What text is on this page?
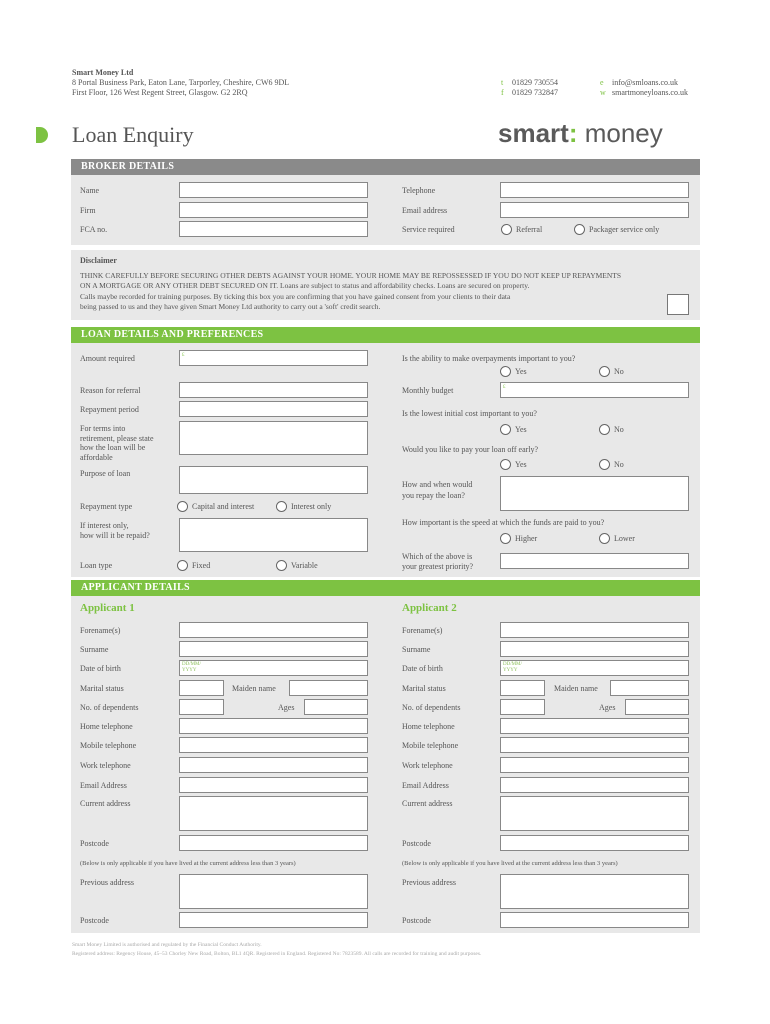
Smart Money Ltd
8 Portal Business Park, Eaton Lane, Tarporley, Cheshire, CW6 9DL
First Floor, 126 West Regent Street, Glasgow. G2 2RQ
t 01829 730554
f 01829 732847
e info@smloans.co.uk
w smartmoneyloans.co.uk
Loan Enquiry	smart: money
BROKER DETAILS
Name
Firm
FCA no.
Telephone
Email address
Service required	Referral	Packager service only
Disclaimer
THINK CAREFULLY BEFORE SECURING OTHER DEBTS AGAINST YOUR HOME. YOUR HOME MAY BE REPOSSESSED IF YOU DO NOT KEEP UP REPAYMENTS
ON A MORTGAGE OR ANY OTHER DEBT SECURED ON IT. Loans are subject to status and affordability checks. Loans are secured on property.
Calls maybe recorded for training purposes. By ticking this box you are confirming that you have gained consent from your clients to their data
being passed to us and they have given Smart Money Ltd authority to carry out a 'soft' credit search.
LOAN DETAILS AND PREFERENCES
Amount required	£
Reason for referral
Repayment period
For terms into
retirement, please state
how the loan will be
affordable
Purpose of loan
Repayment type	Capital and interest	Interest only
If interest only,
how will it be repaid?
Loan type	Fixed	Variable
Is the ability to make overpayments important to you?
Yes	No
Monthly budget	£
Is the lowest initial cost important to you?
Yes	No
Would you like to pay your loan off early?
Yes	No
How and when would
you repay the loan?
How important is the speed at which the funds are paid to you?
Higher	Lower
Which of the above is
your greatest priority?
APPLICANT DETAILS
Applicant 1	Applicant 2
Forename(s)
Surname
Date of birth	DD/MM/
YYYY
Marital status	Maiden name
No. of dependents	Ages
Home telephone
Mobile telephone
Work telephone
Email Address
Current address
Postcode
(Below is only applicable if you have lived at the current address less than 3 years)
Previous address
Postcode
Forename(s)
Surname
Date of birth	DD/MM/
YYYY
Marital status	Maiden name
No. of dependents	Ages
Home telephone
Mobile telephone
Work telephone
Email Address
Current address
Postcode
(Below is only applicable if you have lived at the current address less than 3 years)
Previous address
Postcode
Smart Money Limited is authorised and regulated by the Financial Conduct Authority.
Registered address: Regency House, 45–53 Chorley New Road, Bolton, BL1 4QR. Registered in England. Registered No: 7823589. All calls are recorded for training and audit purposes.
